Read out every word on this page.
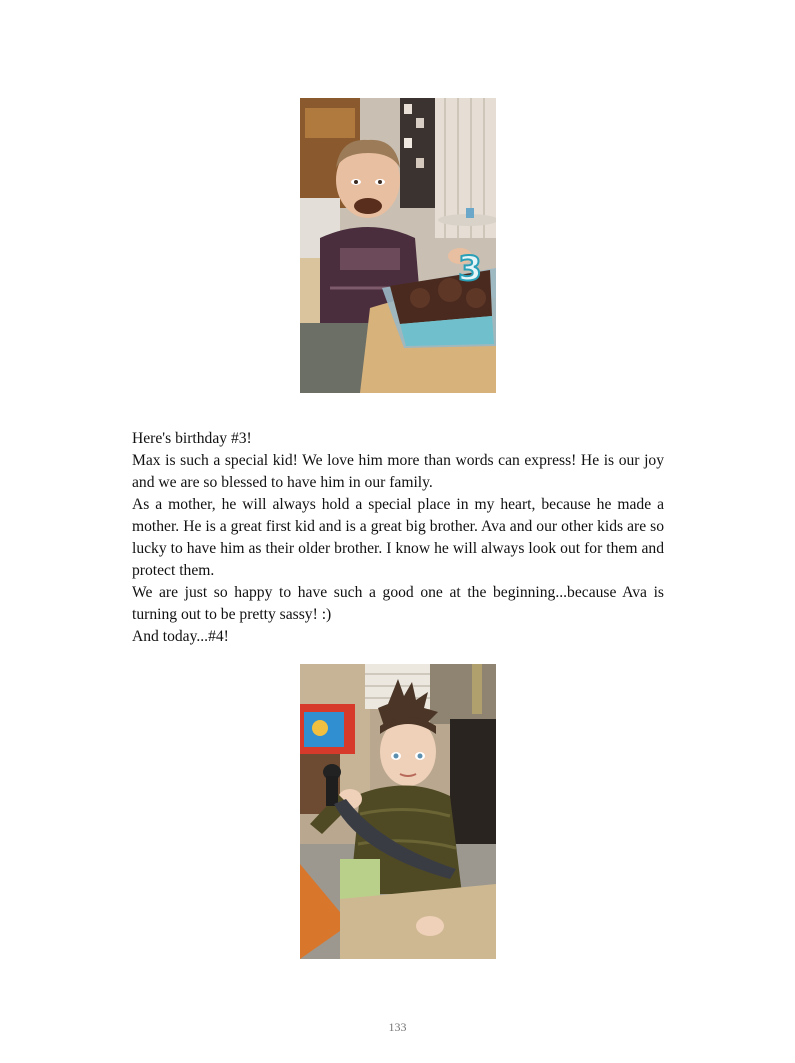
3

Here's birthday #3!

Max is such a special kid! We love him more than words can express! He is our joy and we are so blessed to have him in our family.

As a mother, he will always hold a special place in my heart, because he made a mother. He is a great first kid and is a great big brother. Ava and our other kids are so lucky to have him as their older brother. I know he will always look out for them and protect them.

We are just so happy to have such a good one at the beginning...because Ava is turning out to be pretty sassy! :)

And today...#4!

133
